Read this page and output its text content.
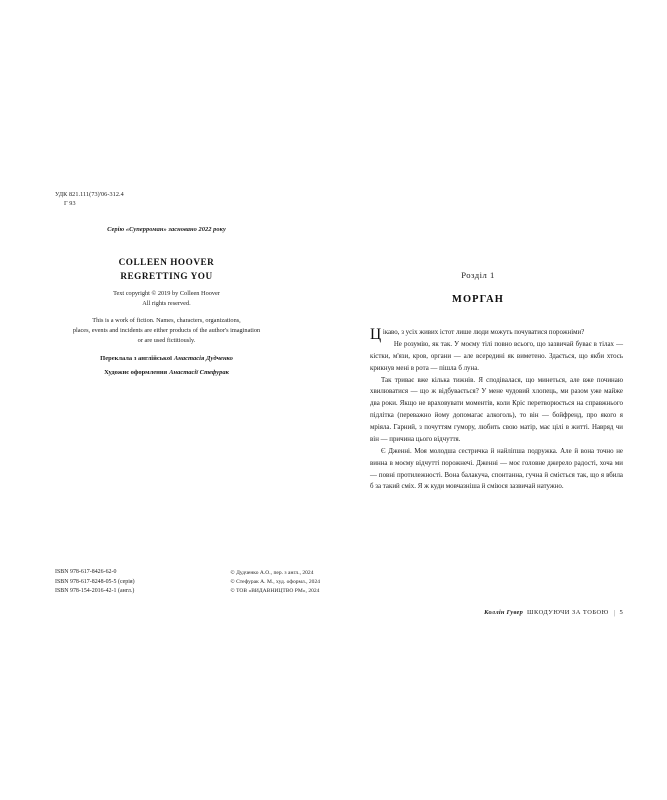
УДК 821.111(73)'06-312.4
Г 93
Серію «Суперроман» засновано 2022 року
COLLEEN HOOVER
REGRETTING YOU
Text copyright © 2019 by Colleen Hoover
All rights reserved.
This is a work of fiction. Names, characters, organizations,
places, events and incidents are either products of the author's imagination
or are used fictitiously.
Переклала з англійської Анастасія Дудченко
Художнє оформлення Анастасії Стефурак
ISBN 978-617-8426-62-0
ISBN 978-617-8248-05-5 (серія)
ISBN 978-154-2016-42-1 (англ.)
© Дудченко А.О., пер. з англ., 2024
© Стефурак А. М., худ. оформл., 2024
© ТОВ «ВИДАВНИЦТВО РМ», 2024
Розділ 1
МОРГАН

Цікаво, з усіх живих істот лише люди можуть почуватися порожніми?

Не розумію, як так. У моєму тілі повно всього, що зазвичай буває в тілах — кістки, м'язи, кров, органи — але всередині як виметено. Здається, що якби хтось крикнув мені в рота — пішла б луна.

Так триває вже кілька тижнів. Я сподівалася, що минеться, але вже починаю хвилюватися — що ж відбувається? У мене чудовий хлопець, ми разом уже майже два роки. Якщо не враховувати моментів, коли Кріс перетворюється на справжнього підлітка (переважно йому допомагає алкоголь), то він — бойфренд, про якого я мріяла. Гарний, з почуттям гумору, любить свою матір, має цілі в житті. Навряд чи він — причина цього відчуття.

Є Дженні. Моя молодша сестричка й найліпша подружка. Але й вона точно не винна в моєму відчутті порожнечі. Дженні — моє головне джерело радості, хоча ми — повні протилежності. Вона балакуча, спонтанна, гучна й сміється так, що я вбила б за такий сміх. Я ж куди мовчазніша й сміюся зазвичай натужно.

Коллін Гувер ШКОДУЮЧИ ЗА ТОБОЮ | 5
